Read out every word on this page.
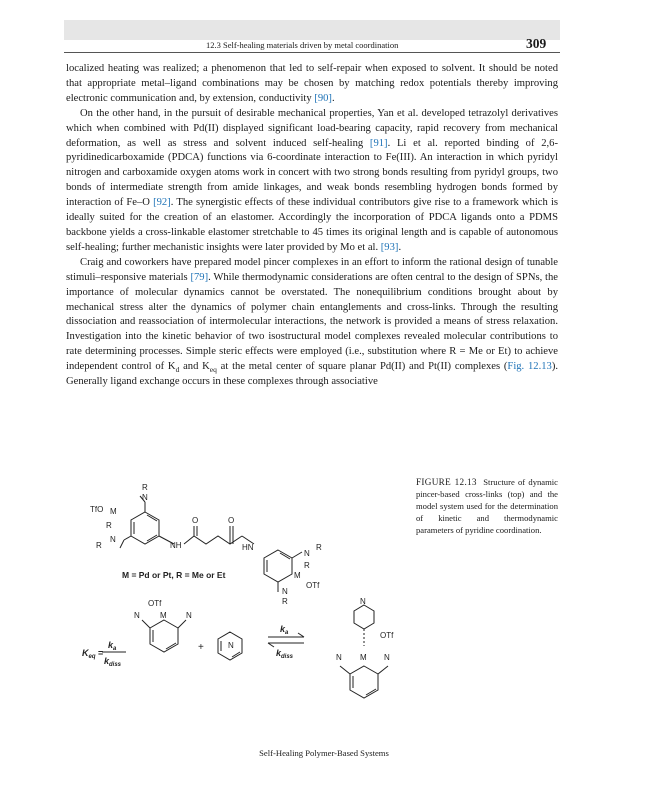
12.3 Self-healing materials driven by metal coordination	309

localized heating was realized; a phenomenon that led to self-repair when exposed to solvent. It should be noted that appropriate metal–ligand combinations may be chosen by matching redox potentials thereby improving electronic communication and, by extension, conductivity [90].

On the other hand, in the pursuit of desirable mechanical properties, Yan et al. developed tetrazolyl derivatives which when combined with Pd(II) displayed significant load-bearing capacity, rapid recovery from mechanical deformation, as well as stress and solvent induced self-healing [91]. Li et al. reported binding of 2,6-pyridinedicarboxamide (PDCA) functions via 6-coordinate interaction to Fe(III). An interaction in which pyridyl nitrogen and carboxamide oxygen atoms work in concert with two strong bonds resulting from pyridyl groups, two bonds of intermediate strength from amide linkages, and weak bonds resembling hydrogen bonds formed by interaction of Fe–O [92]. The synergistic effects of these individual contributors give rise to a framework which is ideally suited for the creation of an elastomer. Accordingly the incorporation of PDCA ligands onto a PDMS backbone yields a cross-linkable elastomer stretchable to 45 times its original length and is capable of autonomous self-healing; further mechanistic insights were later provided by Mo et al. [93].

Craig and coworkers have prepared model pincer complexes in an effort to inform the rational design of tunable stimuli–responsive materials [79]. While thermodynamic considerations are often central to the design of SPNs, the importance of molecular dynamics cannot be overstated. The nonequilibrium conditions brought about by mechanical stress alter the dynamics of polymer chain entanglements and cross-links. Through the resulting dissociation and reassociation of intermolecular interactions, the network is provided a means of stress relaxation. Investigation into the kinetic behavior of two isostructural model complexes revealed molecular contributions to rate determining processes. Simple steric effects were employed (i.e., substitution where R = Me or Et) to achieve independent control of $K_d$ and $K_{eq}$ at the metal center of square planar Pd(II) and Pt(II) complexes (Fig. 12.13). Generally ligand exchange occurs in these complexes through associative

R
N
TfO M
R
N
R	NH
O	O
HN
N
R
R
M
OTf
N
R
M = Pd or Pt, R = Me or Et
OTf
N	M N
N
+
N
OTf
N M N
$K_{eq}$ =
$k_a$
$k_{diss}$
$k_a$
$k_{diss}$
FIGURE 12.13 Structure of dynamic pincer-based cross-links (top) and the model system used for the determination of kinetic and thermodynamic parameters of pyridine coordination.
Self-Healing Polymer-Based Systems
